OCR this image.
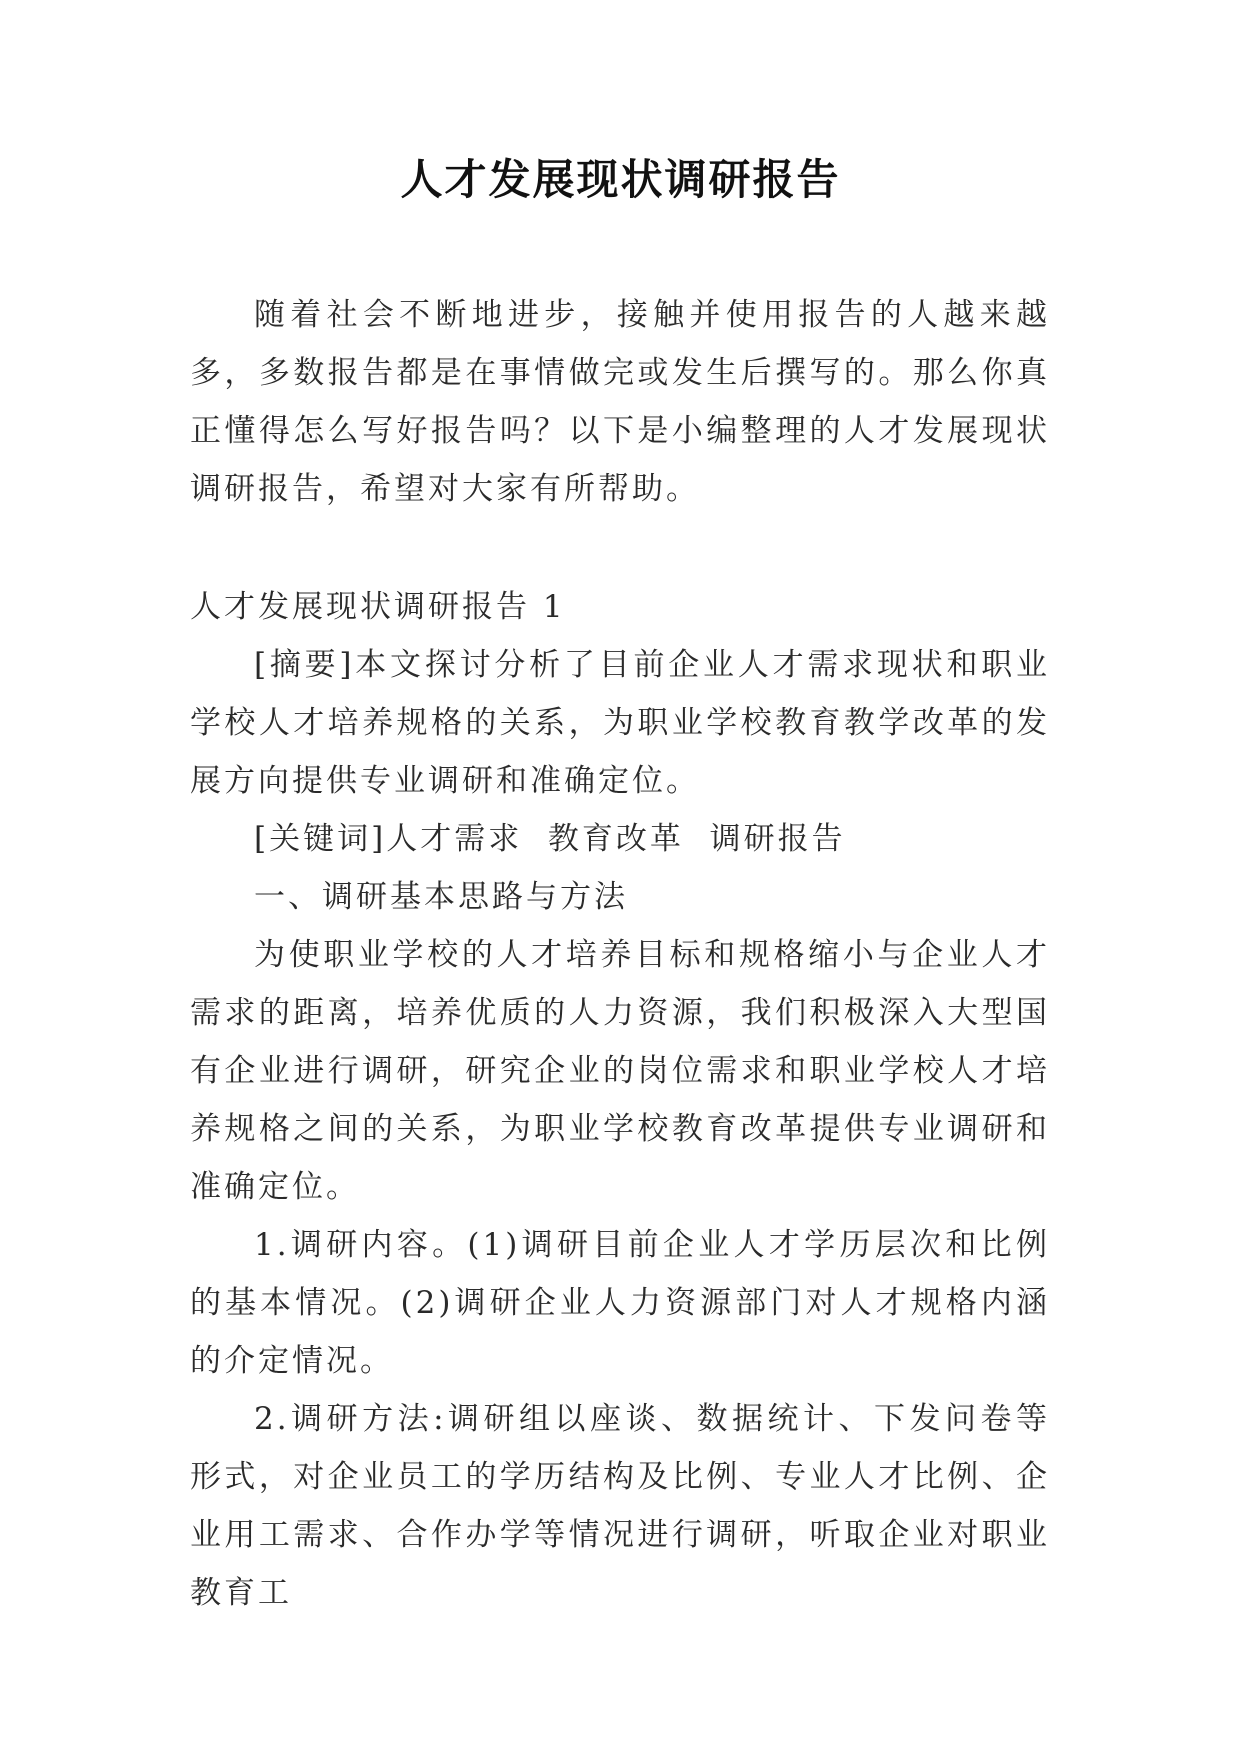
人才发展现状调研报告
随着社会不断地进步，接触并使用报告的人越来越多，多数报告都是在事情做完或发生后撰写的。那么你真正懂得怎么写好报告吗？以下是小编整理的人才发展现状调研报告，希望对大家有所帮助。
人才发展现状调研报告 1
[摘要]本文探讨分析了目前企业人才需求现状和职业学校人才培养规格的关系，为职业学校教育教学改革的发展方向提供专业调研和准确定位。
[关键词]人才需求  教育改革  调研报告
一、调研基本思路与方法
为使职业学校的人才培养目标和规格缩小与企业人才需求的距离，培养优质的人力资源，我们积极深入大型国有企业进行调研，研究企业的岗位需求和职业学校人才培养规格之间的关系，为职业学校教育改革提供专业调研和准确定位。
1.调研内容。(1)调研目前企业人才学历层次和比例的基本情况。(2)调研企业人力资源部门对人才规格内涵的介定情况。
2.调研方法:调研组以座谈、数据统计、下发问卷等形式，对企业员工的学历结构及比例、专业人才比例、企业用工需求、合作办学等情况进行调研，听取企业对职业教育工
